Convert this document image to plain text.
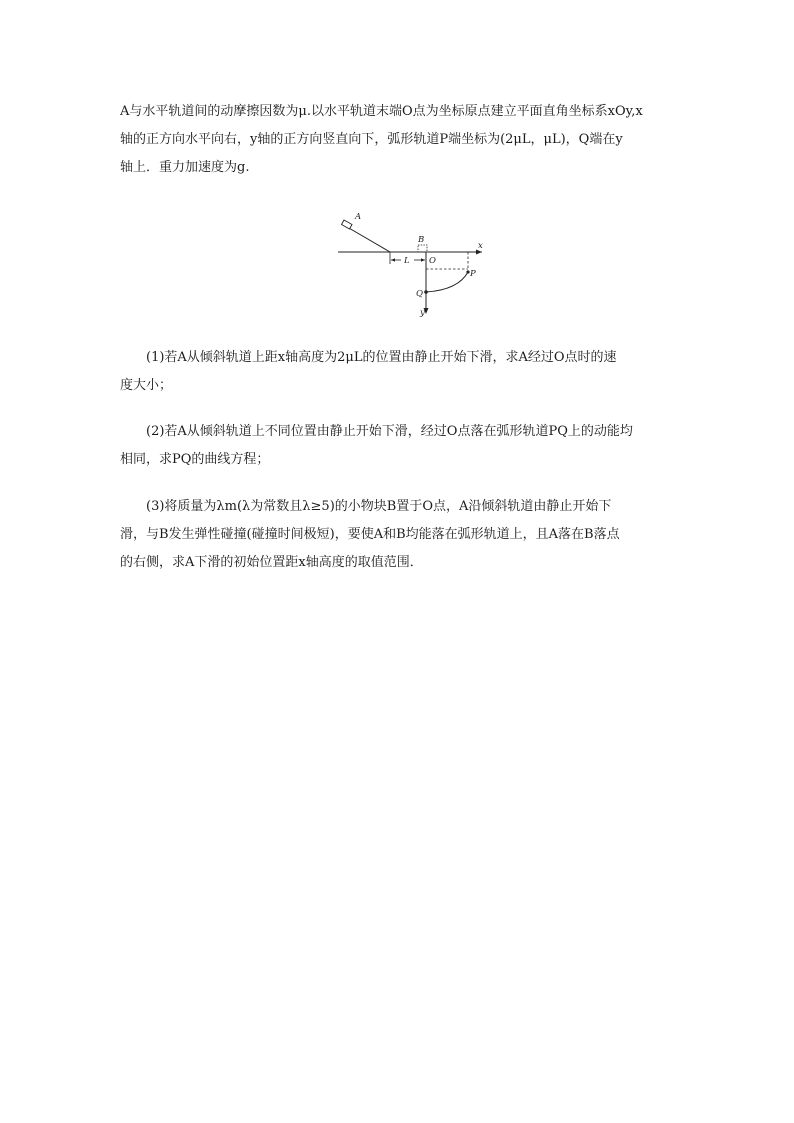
A与水平轨道间的动摩擦因数为μ.以水平轨道末端O点为坐标原点建立平面直角坐标系xOy,x
轴的正方向水平向右，y轴的正方向竖直向下，弧形轨道P端坐标为(2μL，μL)，Q端在y
轴上．重力加速度为g.
A
B
L O
x
y
P
Q
(1)若A从倾斜轨道上距x轴高度为2μL的位置由静止开始下滑，求A经过O点时的速
度大小；
(2)若A从倾斜轨道上不同位置由静止开始下滑，经过O点落在弧形轨道PQ上的动能均
相同，求PQ的曲线方程；
(3)将质量为λm(λ为常数且λ≥5)的小物块B置于O点，A沿倾斜轨道由静止开始下
滑，与B发生弹性碰撞(碰撞时间极短)，要使A和B均能落在弧形轨道上，且A落在B落点
的右侧，求A下滑的初始位置距x轴高度的取值范围．
